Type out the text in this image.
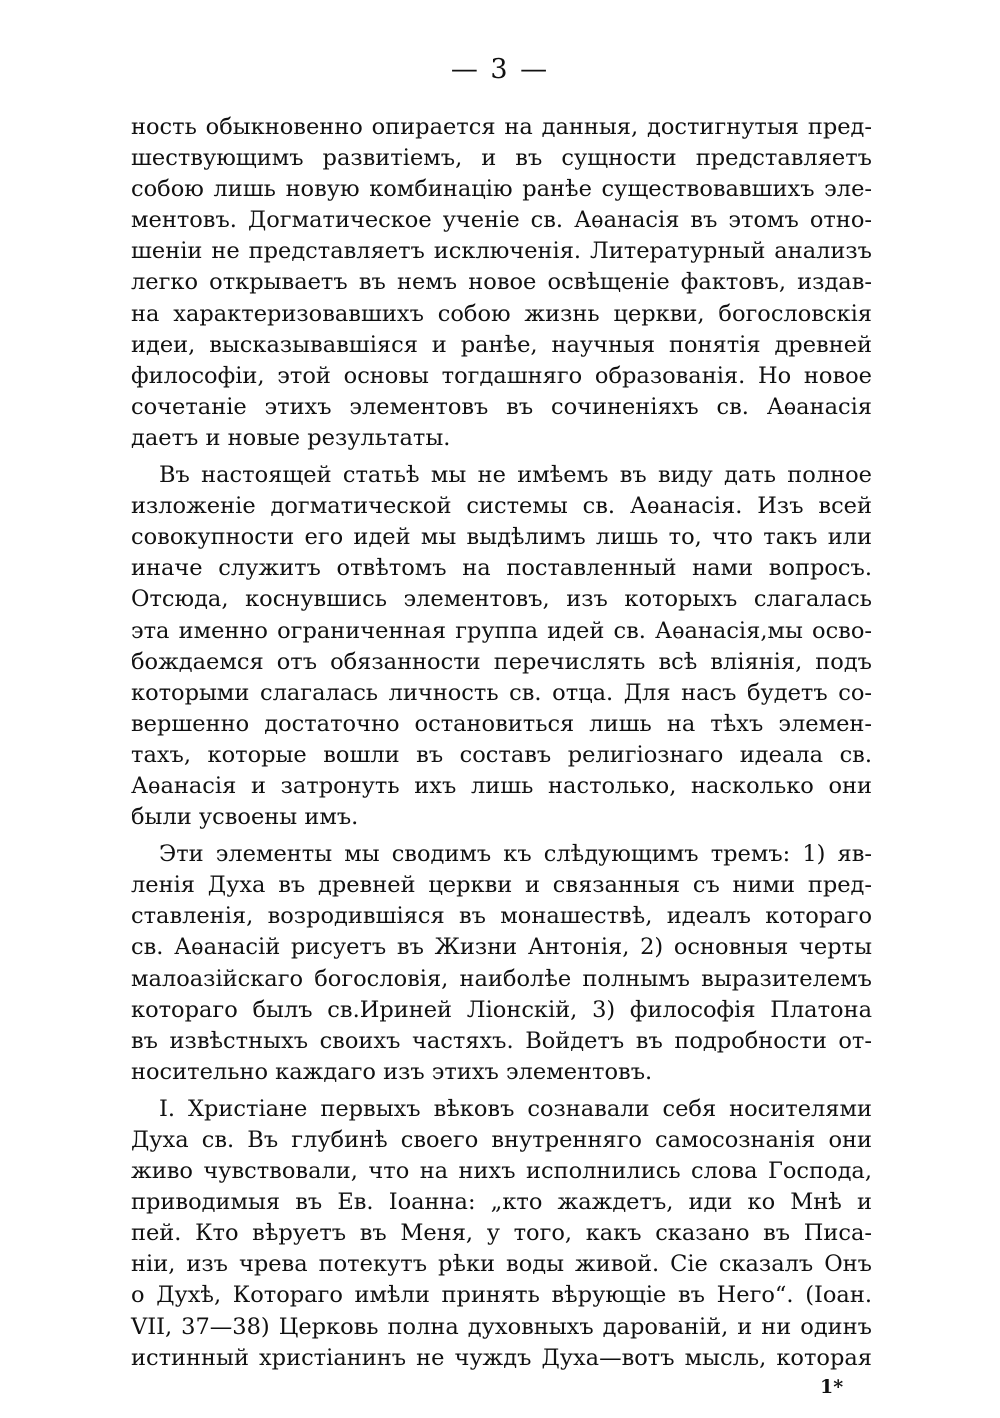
— 3 —
ность обыкновенно опирается на данныя, достигнутыя пред-
шествующимъ развитіемъ, и въ сущности представляетъ
собою лишь новую комбинацію ранѣе существовавшихъ эле-
ментовъ. Догматическое ученіе св. Аѳанасія въ этомъ отно-
шеніи не представляетъ исключенія. Литературный анализъ
легко открываетъ въ немъ новое освѣщеніе фактовъ, издав-
на характеризовавшихъ собою жизнь церкви, богословскія
идеи, высказывавшіяся и ранѣе, научныя понятія древней
философіи, этой основы тогдашняго образованія. Но новое
сочетаніе этихъ элементовъ въ сочиненіяхъ св. Аѳанасія
даетъ и новые результаты.
Въ настоящей статьѣ мы не имѣемъ въ виду дать полное
изложеніе догматической системы св. Аѳанасія. Изъ всей
совокупности его идей мы выдѣлимъ лишь то, что такъ или
иначе служитъ отвѣтомъ на поставленный нами вопросъ.
Отсюда, коснувшись элементовъ, изъ которыхъ слагалась
эта именно ограниченная группа идей св. Аѳанасія,мы осво-
бождаемся отъ обязанности перечислять всѣ вліянія, подъ
которыми слагалась личность св. отца. Для насъ будетъ со-
вершенно достаточно остановиться лишь на тѣхъ элемен-
тахъ, которые вошли въ составъ религіознаго идеала св.
Аѳанасія и затронуть ихъ лишь настолько, насколько они
были усвоены имъ.
Эти элементы мы сводимъ къ слѣдующимъ тремъ: 1) яв-
ленія Духа въ древней церкви и связанныя съ ними пред-
ставленія, возродившіяся въ монашествѣ, идеалъ котораго
св. Аѳанасій рисуетъ въ Жизни Антонія, 2) основныя черты
малоазійскаго богословія, наиболѣе полнымъ выразителемъ
котораго былъ св.Ириней Ліонскій, 3) философія Платона
въ извѣстныхъ своихъ частяхъ. Войдетъ въ подробности от-
носительно каждаго изъ этихъ элементовъ.
I. Христіане первыхъ вѣковъ сознавали себя носителями
Духа св. Въ глубинѣ своего внутренняго самосознанія они
живо чувствовали, что на нихъ исполнились слова Господа,
приводимыя въ Ев. Іоанна: „кто жаждетъ, иди ко Мнѣ и
пей. Кто вѣруетъ въ Меня, у того, какъ сказано въ Писа-
ніи, изъ чрева потекутъ рѣки воды живой. Сіе сказалъ Онъ
о Духѣ, Котораго имѣли принять вѣрующіе въ Него“. (Іоан.
VII, 37—38) Церковь полна духовныхъ дарованій, и ни одинъ
истинный христіанинъ не чуждъ Духа—вотъ мысль, которая
1*
